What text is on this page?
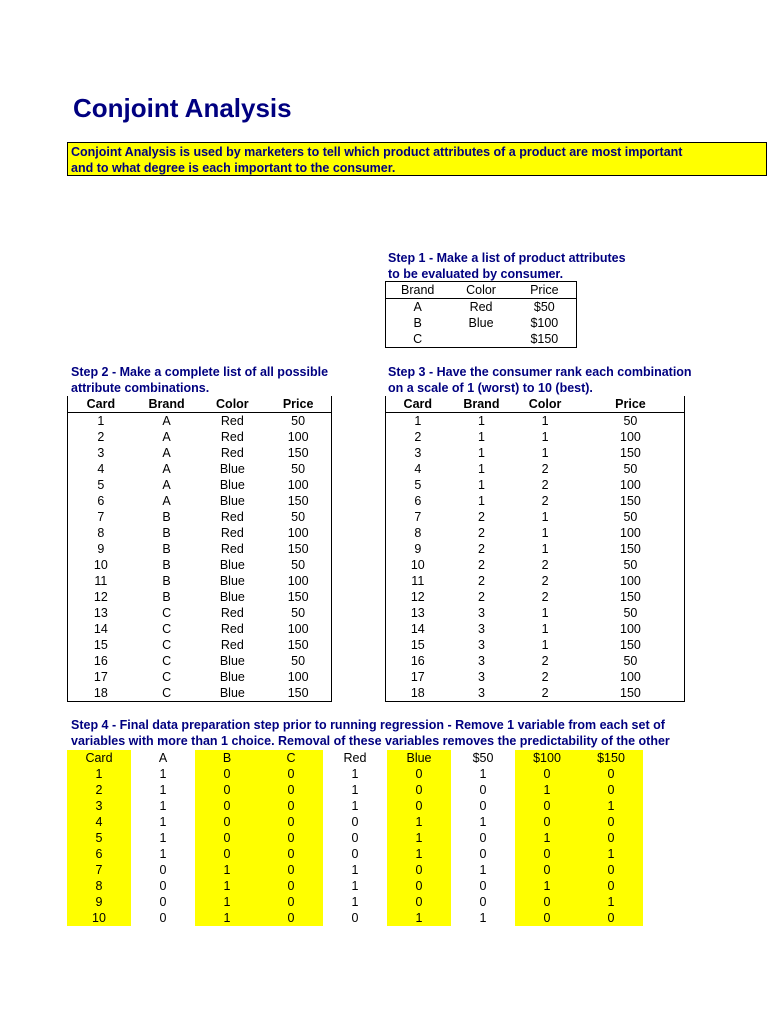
Conjoint Analysis
Conjoint Analysis is used by marketers to tell which product attributes of a product are most important
and to what degree is each important to the consumer.
Step 1 - Make a list of product attributes
to be evaluated by consumer.
Brand	Color	Price
A	Red	$50
B	Blue	$100
C		$150
Step 2 - Make a complete list of all possible
attribute combinations.
Card	Brand	Color	Price
1	A	Red	50
2	A	Red	100
3	A	Red	150
4	A	Blue	50
5	A	Blue	100
6	A	Blue	150
7	B	Red	50
8	B	Red	100
9	B	Red	150
10	B	Blue	50
11	B	Blue	100
12	B	Blue	150
13	C	Red	50
14	C	Red	100
15	C	Red	150
16	C	Blue	50
17	C	Blue	100
18	C	Blue	150
Step 3 - Have the consumer rank each combination
on a scale of 1 (worst) to 10 (best).
Card	Brand	Color	Price
1	1	1	50
2	1	1	100
3	1	1	150
4	1	2	50
5	1	2	100
6	1	2	150
7	2	1	50
8	2	1	100
9	2	1	150
10	2	2	50
11	2	2	100
12	2	2	150
13	3	1	50
14	3	1	100
15	3	1	150
16	3	2	50
17	3	2	100
18	3	2	150
Step 4 - Final data preparation step prior to running regression - Remove 1 variable from each set of
variables with more than 1 choice. Removal of these variables removes the predictability of the other
Card	A	B	C	Red	Blue	$50	$100	$150
1	1	0	0	1	0	1	0	0
2	1	0	0	1	0	0	1	0
3	1	0	0	1	0	0	0	1
4	1	0	0	0	1	1	0	0
5	1	0	0	0	1	0	1	0
6	1	0	0	0	1	0	0	1
7	0	1	0	1	0	1	0	0
8	0	1	0	1	0	0	1	0
9	0	1	0	1	0	0	0	1
10	0	1	0	0	1	1	0	0
